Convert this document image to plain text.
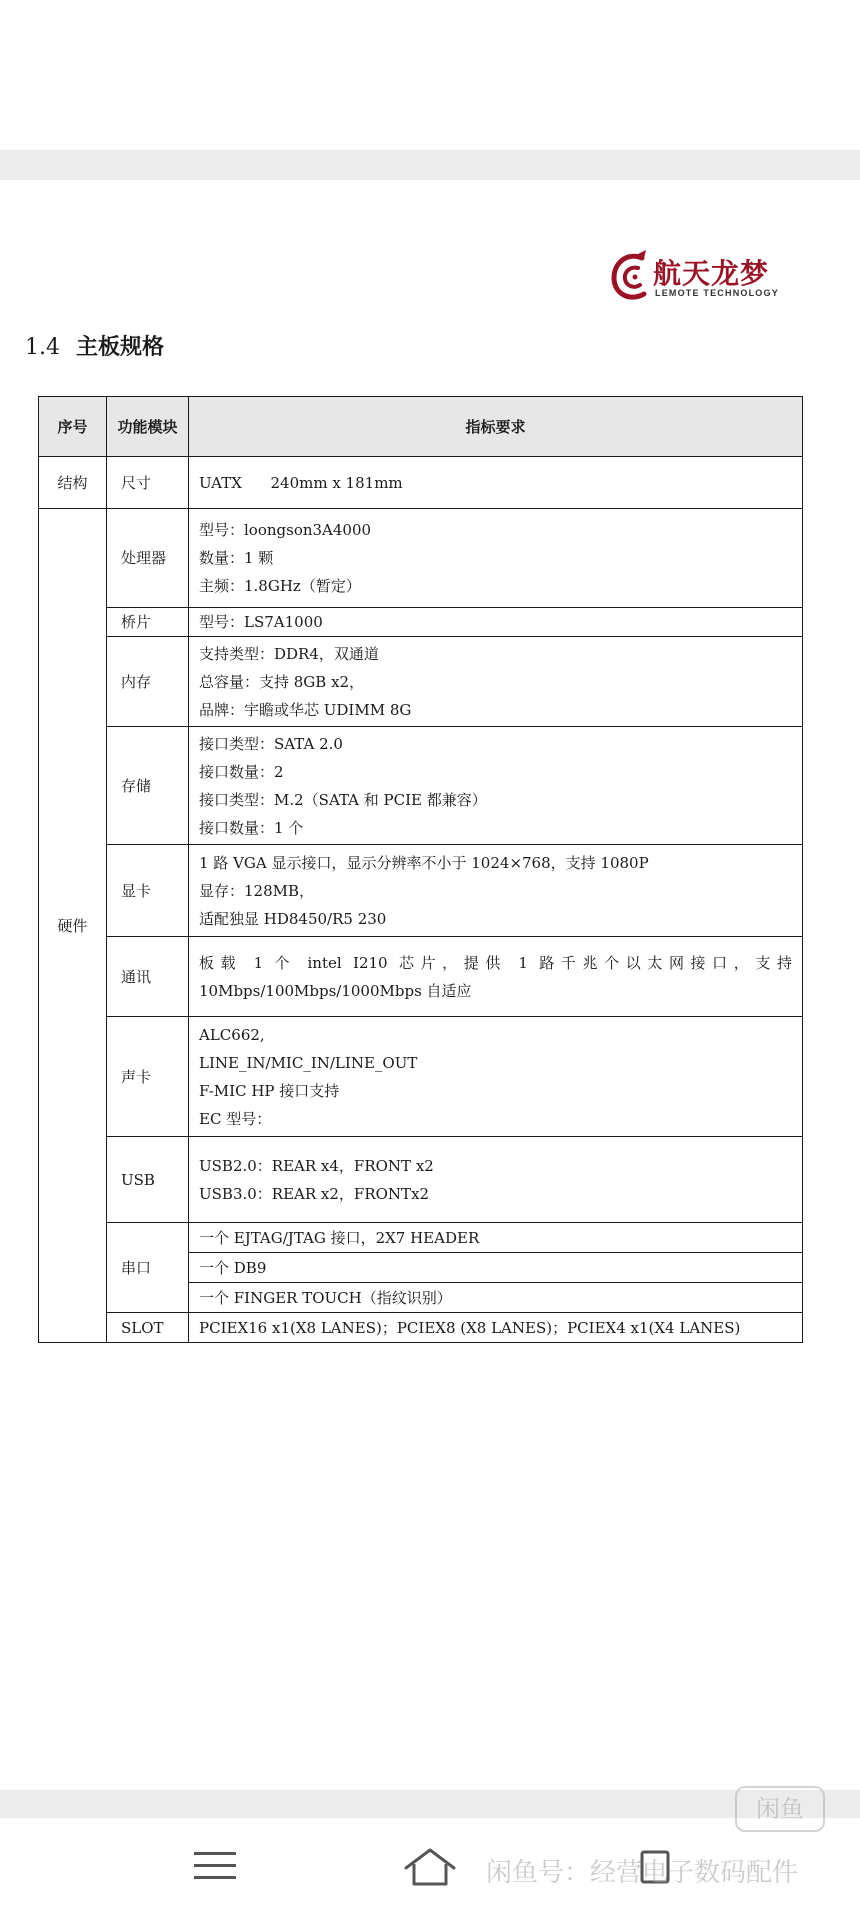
航天龙梦
LEMOTE TECHNOLOGY
1.4 主板规格
序号	功能模块	指标要求
结构	尺寸	UATX      240mm x 181mm

硬件	处理器	型号：loongson3A4000
数量：1 颗
主频：1.8GHz（暂定）

	桥片	型号：LS7A1000

	内存	支持类型：DDR4，双通道
总容量：支持 8GB x2，
品牌：宇瞻或华芯 UDIMM 8G

	存储	接口类型：SATA 2.0
接口数量：2
接口类型：M.2（SATA 和 PCIE 都兼容）
接口数量：1 个

	显卡	1 路 VGA 显示接口，显示分辨率不小于 1024×768，支持 1080P
显存：128MB，
适配独显 HD8450/R5 230

	通讯	板载 1 个 intel I210 芯片，提供 1 路千兆个以太网接口，支持 10Mbps/100Mbps/1000Mbps 自适应

	声卡	ALC662,
LINE_IN/MIC_IN/LINE_OUT
F-MIC HP 接口支持
EC 型号：

	USB	USB2.0：REAR x4，FRONT x2
USB3.0：REAR x2，FRONTx2

	串口	一个 EJTAG/JTAG 接口，2X7 HEADER

		一个 DB9

		一个 FINGER TOUCH（指纹识别）

	SLOT	PCIEX16 x1(X8 LANES)；PCIEX8 (X8 LANES)；PCIEX4 x1(X4 LANES)
闲鱼
闲鱼号：经营电子数码配件
